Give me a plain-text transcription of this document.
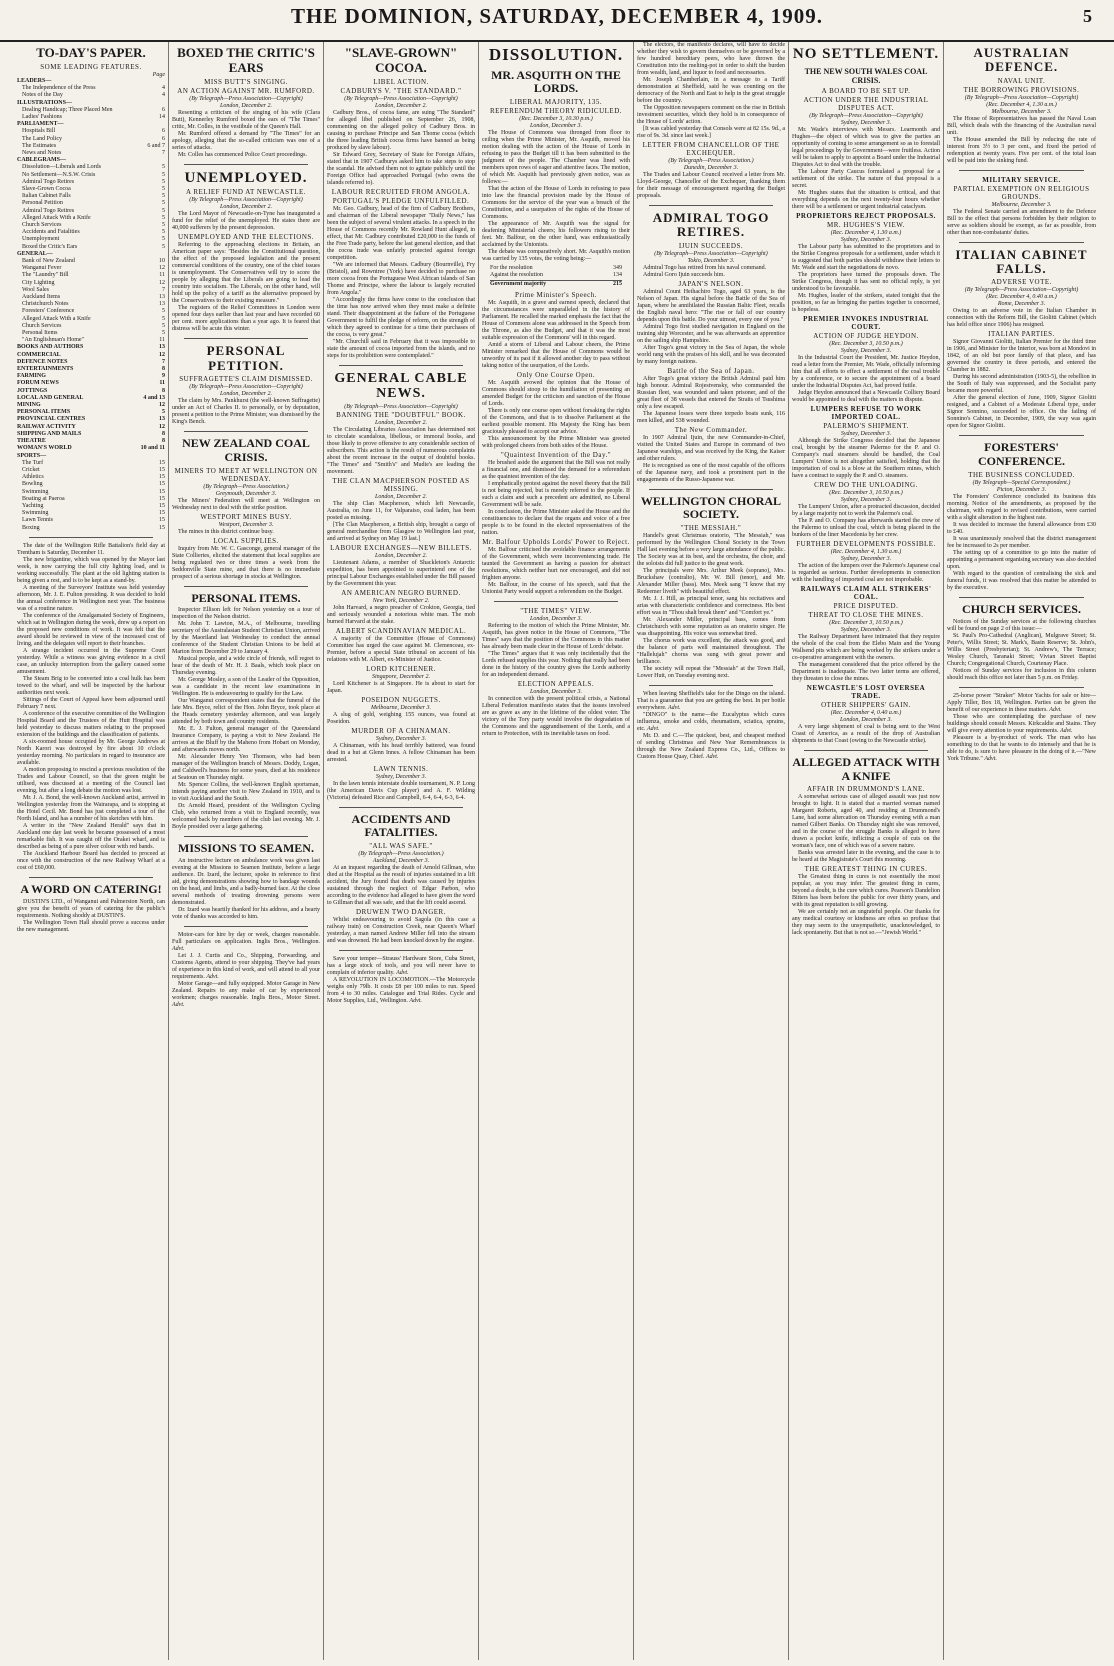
THE DOMINION, SATURDAY, DECEMBER 4, 1909.	5
TO-DAY'S PAPER.
SOME LEADING FEATURES.
Page
LEADERS—
The Independence of the Press	4
Notes of the Day	4
ILLUSTRATIONS—
Dealing Handicap; Three Placed Men	6
Ladies' Fashions	14
PARLIAMENT—
Hospitals Bill	6
The Land Policy	6
The Estimates	6 and 7
News and Notes	7
CABLEGRAMS—
Dissolution—Liberals and Lords	5
No Settlement—N.S.W. Crisis	5
Admiral Togo Retires	5
Slave-Grown Cocoa	5
Italian Cabinet Falls	5
Personal Petition	5
Admiral Togo Retires	5
Alleged Attack With a Knife	5
Church Services	5
Accidents and Fatalities	5
Unemployment	5
Boxed the Critic's Ears	5
GENERAL—
Bank of New Zealand	10
Wanganui Fever	12
The "Laundry" Bill	11
City Lighting	12
Wool Sales	7
Auckland Items	13
Christchurch Notes	13
Foresters' Conference	5
Alleged Attack With a Knife	5
Church Services	5
Personal Items	5
"An Englishman's Home"	11
BOOKS AND AUTHORS	13
COMMERCIAL	12
DEFENCE NOTES	7
ENTERTAINMENTS	8
FARMING	9
FORUM NEWS	11
JOTTINGS	8
LOCAL AND GENERAL	4 and 13
MINING	12
PERSONAL ITEMS	5
PROVINCIAL CENTRES	13
RAILWAY ACTIVITY	12
SHIPPING AND MAILS	8
THEATRE	8
WOMAN'S WORLD	10 and 11
SPORTS—
The Turf	15
Cricket	15
Athletics	15
Bowling	15
Swimming	15
Boating at Paeroa	15
Yachting	15
Swimming	15
Lawn Tennis	15
Boxing	15

The date of the Wellington Rifle Battalion's field day at Trentham is Saturday, December 11.

The new brigantine, which was opened by the Mayor last week, is now carrying the full city lighting load, and is working successfully. The plant at the old lighting station is being given a rest, and is to be kept as a stand-by.

A meeting of the Surveyors' Institute was held yesterday afternoon, Mr. J. E. Fulton presiding. It was decided to hold the annual conference in Wellington next year. The business was of a routine nature.

The conference of the Amalgamated Society of Engineers, which sat in Wellington during the week, drew up a report on the proposed new conditions of work. It was felt that the award should be reviewed in view of the increased cost of living, and the delegates will report to their branches.

A strange incident occurred in the Supreme Court yesterday. While a witness was giving evidence in a civil case, an unlucky interruption from the gallery caused some amusement.

The Steam Brig to be converted into a coal hulk has been towed to the wharf, and will be inspected by the harbour authorities next week.

Sittings of the Court of Appeal have been adjourned until February 7 next.

A conference of the executive committee of the Wellington Hospital Board and the Trustees of the Hutt Hospital was held yesterday to discuss matters relating to the proposed extension of the buildings and the classification of patients.

A six-roomed house occupied by Mr. George Andrews at North Karori was destroyed by fire about 10 o'clock yesterday morning. No particulars in regard to insurance are available.

A motion proposing to rescind a previous resolution of the Trades and Labour Council, so that the green might be utilised, was discussed at a meeting of the Council last evening, but after a long debate the motion was lost.

Mr. J. A. Bond, the well-known Auckland artist, arrived in Wellington yesterday from the Wairarapa, and is stopping at the Hotel Cecil. Mr. Bond has just completed a tour of the North Island, and has a number of his sketches with him.

A writer in the "New Zealand Herald" says that in Auckland one day last week he became possessed of a most remarkable fish. It was caught off the Orakei wharf, and is described as being of a pure silver colour with red bands.

The Auckland Harbour Board has decided to proceed at once with the construction of the new Railway Wharf at a cost of £60,000.

A WORD ON CATERING!

DUSTIN'S LTD., of Wanganui and Palmerston North, can give you the benefit of years of catering for the public's requirements. Nothing shoddy at DUSTIN'S.

The Wellington Town Hall should prove a success under the new management.

BOXED THE CRITIC'S EARS
MISS BUTT'S SINGING.
AN ACTION AGAINST MR. RUMFORD.
(By Telegraph—Press Association—Copyright)
London, December 2.

Resenting a criticism of the singing of his wife (Clara Butt), Kennerley Rumford boxed the ears of "The Times" critic, Mr. Colles, in the vestibule of the Queen's Hall.

Mr. Rumford offered a demand by "The Times" for an apology, alleging that the so-called criticism was one of a series of attacks.

Mr. Colles has commenced Police Court proceedings.

UNEMPLOYED.
A RELIEF FUND AT NEWCASTLE.
(By Telegraph—Press Association—Copyright)
London, December 2.

The Lord Mayor of Newcastle-on-Tyne has inaugurated a fund for the relief of the unemployed. He states there are 40,000 sufferers by the present depression.

UNEMPLOYED AND THE ELECTIONS.

Referring to the approaching elections in Britain, an American paper says: "Besides the Constitutional question, the effect of the proposed legislation and the present commercial conditions of the country, one of the chief issues is unemployment. The Conservatives will try to score the people by alleging that the Liberals are going to lead the country into socialism. The Liberals, on the other hand, will hold up the policy of a tariff as the alternative proposed by the Conservatives to their existing measure."

The registers of the Relief Committees in London were opened four days earlier than last year and have recorded 60 per cent. more applications than a year ago. It is feared that distress will be acute this winter.

PERSONAL PETITION.
SUFFRAGETTE'S CLAIM DISMISSED.
(By Telegraph—Press Association—Copyright)
London, December 2.

The claim by Mrs. Pankhurst (the well-known Suffragette) under an Act of Charles II. to personally, or by deputation, present a petition to the Prime Minister, was dismissed by the King's Bench.

NEW ZEALAND COAL CRISIS.
MINERS TO MEET AT WELLINGTON ON WEDNESDAY.
(By Telegraph—Press Association.)
Greymouth, December 3.

The Miners' Federation will meet at Wellington on Wednesday next to deal with the strike position.

WESTPORT MINES BUSY.
Westport, December 3.

The mines in this district continue busy.

LOCAL SUPPLIES.

Inquiry from Mr. W. C. Gasconge, general manager of the State Collieries, elicited the statement that local supplies are being regulated two or three times a week from the Seddonville State mine, and that there is no immediate prospect of a serious shortage in stocks at Wellington.

PERSONAL ITEMS.

Inspector Ellison left for Nelson yesterday on a tour of inspection of the Nelson district.

Mr. John T. Lawton, M.A., of Melbourne, travelling secretary of the Australasian Student Christian Union, arrived by the Maoriland last Wednesday to conduct the annual conference of the Student Christian Unions to be held at Marton from December 29 to January 4.

Musical people, and a wide circle of friends, will regret to hear of the death of Mr. H. J. Baals, which took place on Thursday evening.

Mr. George Mosley, a son of the Leader of the Opposition, was a candidate in the recent law examinations in Wellington. He is endeavouring to qualify for the Law.

Our Wanganui correspondent states that the funeral of the late Mrs. Bryce, relict of the Hon. John Bryce, took place at the Heads cemetery yesterday afternoon, and was largely attended by both town and country residents.

Mr. E. J. Fulton, general manager of the Queensland Insurance Company, is paying a visit to New Zealand. He arrives at the Bluff by the Maheno from Hobart on Monday, and afterwards moves north.

Mr. Alexander Henry Yeo Thomson, who had been manager of the Wellington branch of Messrs. Doddy, Logan, and Caldwell's business for some years, died at his residence at Seatoun on Thursday night.

Mr. Spencer Collins, the well-known English sportsman, intends paying another visit to New Zealand in 1910, and is to visit Auckland and the South.

Dr. Arnold Heard, president of the Wellington Cycling Club, who returned from a visit to England recently, was welcomed back by members of the club last evening. Mr. J. Boyle presided over a large gathering.

MISSIONS TO SEAMEN.

An instructive lecture on ambulance work was given last evening at the Missions to Seamen Institute, before a large audience. Dr. Izard, the lecturer, spoke in reference to first aid, giving demonstrations showing how to bandage wounds on the head, and limbs, and a badly-burned face. At the close several methods of treating drowning persons were demonstrated.

Dr. Izard was heartily thanked for his address, and a hearty vote of thanks was accorded to him.

Motor-cars for hire by day or week, charges reasonable. Full particulars on application. Inglis Bros., Wellington. Advt.

Let J. J. Curtis and Co., Shipping, Forwarding, and Customs Agents, attend to your shipping. They've had years of experience in this kind of work, and will attend to all your requirements. Advt.

Motor Garage—and fully equipped. Motor Garage in New Zealand. Repairs to any make of car by experienced workmen; charges reasonable. Inglis Bros., Motor Street. Advt.

"SLAVE-GROWN" COCOA.
LIBEL ACTION.
CADBURYS V. "THE STANDARD."
(By Telegraph—Press Association—Copyright)
London, December 2.

Cadbury Bros., of cocoa fame, are suing "The Standard" for alleged libel published on September 26, 1908, commenting on the alleged policy of Cadbury Bros. in causing to purchase Principe and San Thome cocoa (which the three leading British cocoa firms have banned as being produced by slave labour).

Sir Edward Grey, Secretary of State for Foreign Affairs, stated that in 1907 Cadburys asked him to take steps to stop the scandal. He advised them not to agitate publicly until the Foreign Office had approached Portugal (who owns the islands referred to).

LABOUR RECRUITED FROM ANGOLA.
PORTUGAL'S PLEDGE UNFULFILLED.

Mr. Geo. Cadbury, head of the firm of Cadbury Brothers, and chairman of the Liberal newspaper "Daily News," has been the subject of several virulent attacks. In a speech in the House of Commons recently Mr. Rowland Hunt alleged, in effect, that Mr. Cadbury contributed £20,000 to the funds of the Free Trade party, before the last general election, and that the cocoa trade was unfairly protected against foreign competition.

"We are informed that Messrs. Cadbury (Bournville), Fry (Bristol), and Rowntree (York) have decided to purchase no more cocoa from the Portuguese West African islands of San Thome and Principe, where the labour is largely recruited from Angola."

"Accordingly the firms have come to the conclusion that the time has now arrived when they must make a definite stand. Their disappointment at the failure of the Portuguese Government to fulfil the pledge of reform, on the strength of which they agreed to continue for a time their purchases of the cocoa, is very great."

"Mr. Churchill said in February that it was impossible to state the amount of cocoa imported from the islands, and no steps for its prohibition were contemplated."

GENERAL CABLE NEWS.
(By Telegraph—Press Association—Copyright)
BANNING THE "DOUBTFUL" BOOK.
London, December 2.

The Circulating Libraries Association has determined not to circulate scandalous, libellous, or immoral books, and those likely to prove offensive to any considerable section of subscribers. This action is the result of numerous complaints about the recent increase in the output of doubtful books. "The Times" and "Smith's" and Mudie's are leading the movement.

THE CLAN MACPHERSON POSTED AS MISSING.
London, December 2.

The ship Clan Macpherson, which left Newcastle, Australia, on June 11, for Valparaiso, coal laden, has been posted as missing.

[The Clan Macpherson, a British ship, brought a cargo of general merchandise from Glasgow to Wellington last year, and arrived at Sydney on May 19 last.]

LABOUR EXCHANGES—NEW BILLETS.
London, December 2.

Lieutenant Adams, a member of Shackleton's Antarctic expedition, has been appointed to superintend one of the principal Labour Exchanges established under the Bill passed by the Government this year.

AN AMERICAN NEGRO BURNED.
New York, December 2.

John Harvard, a negro preacher of Crokton, Georgia, tied and seriously wounded a notorious white man. The mob burned Harvard at the stake.

ALBERT SCANDINAVIAN MEDICAL.

A majority of the Committee (House of Commons) Committee has urged the case against M. Clemenceau, ex-Premier, before a special State tribunal on account of his relations with M. Albert, ex-Minister of Justice.

LORD KITCHENER.
Singapore, December 2.

Lord Kitchener is at Singapore. He is about to start for Japan.

POSEIDON NUGGETS.
Melbourne, December 3.

A slug of gold, weighing 155 ounces, was found at Poseidon.

MURDER OF A CHINAMAN.
Sydney, December 3.

A Chinaman, with his head terribly battered, was found dead in a hut at Glenn Innes. A fellow Chinaman has been arrested.

LAWN TENNIS.
Sydney, December 3.

In the lawn tennis interstate double tournament, N. P. Long (the American Davis Cup player) and A. F. Wilding (Victoria) defeated Rice and Campbell, 6-4, 6-4, 6-3, 6-4.

ACCIDENTS AND FATALITIES.
"ALL WAS SAFE."
(By Telegraph—Press Association.)
Auckland, December 3.

At an inquest regarding the death of Arnold Gillman, who died at the Hospital as the result of injuries sustained in a lift accident, the Jury found that death was caused by injuries sustained through the neglect of Edgar Parbon, who according to the evidence had alleged to have given the word to Gillman that all was safe, and that the lift could ascend.

DRUWEN TWO DANGER.

Whilst endeavouring to avoid Sagola (in this case a railway train) on Construction Creek, near Queen's Wharf yesterday, a man named Andrew Miller fell into the stream and was drowned. He had been knocked down by the engine.

Save your temper—Strauss' Hardware Store, Cuba Street, has a large stock of tools, and you will never have to complain of inferior quality. Advt.

A REVOLUTION IN LOCOMOTION.—The Motorcycle weighs only 79lb. It costs £8 per 100 miles to run. Speed from 4 to 30 miles. Catalogue and Trial Rides. Cycle and Motor Supplies, Ltd., Wellington. Advt.

DISSOLUTION.
MR. ASQUITH ON THE LORDS.
LIBERAL MAJORITY, 135.
REFERENDUM THEORY RIDICULED.
(Rec. December 3, 10.30 p.m.)
London, December 3.

The House of Commons was thronged from floor to ceiling when the Prime Minister, Mr. Asquith, moved his motion dealing with the action of the House of Lords in refusing to pass the Budget till it has been submitted to the judgment of the people. The Chamber was lined with members upon rows of eager and attentive faces. The motion, of which Mr. Asquith had previously given notice, was as follows:—

That the action of the House of Lords in refusing to pass into law the financial provision made by the House of Commons for the service of the year was a breach of the Constitution, and a usurpation of the rights of the House of Commons.

The appearance of Mr. Asquith was the signal for deafening Ministerial cheers; his followers rising to their feet. Mr. Balfour, on the other hand, was enthusiastically acclaimed by the Unionists.

The debate was comparatively short. Mr. Asquith's motion was carried by 135 votes, the voting being:—

For the resolution	349
Against the resolution	134
Government majority	215
Prime Minister's Speech.

Mr. Asquith, in a grave and earnest speech, declared that the circumstances were unparalleled in the history of Parliament. He recalled the marked emphasis the fact that the House of Commons alone was addressed in the Speech from the Throne, as also the Budget, and that it was the most suitable expression of the Commons' will in this regard.

Amid a storm of Liberal and Labour cheers, the Prime Minister remarked that the House of Commons would be unworthy of its past if it allowed another day to pass without taking notice of the usurpation, of the Lords.

Only One Course Open.

Mr. Asquith avowed the opinion that the House of Commons should stoop to the humiliation of presenting an amended Budget for the criticism and sanction of the House of Lords.

There is only one course open without forsaking the rights of the Commons, and that is to dissolve Parliament at the earliest possible moment. His Majesty the King has been graciously pleased to accept our advice.

This announcement by the Prime Minister was greeted with prolonged cheers from both sides of the House.

"Quaintest Invention of the Day."

He brushed aside the argument that the Bill was not really a financial one, and dismissed the demand for a referendum as the quaintest invention of the day.

I emphatically protest against the novel theory that the Bill is not being rejected, but is merely referred to the people. If such a claim and such a precedent are admitted, no Liberal Government will be safe.

In conclusion, the Prime Minister asked the House and the constituencies to declare that the organs and voice of a free people is to be found in the elected representatives of the nation.

Mr. Balfour Upholds Lords' Power to Reject.

Mr. Balfour criticised the avoidable finance arrangements of the Government, which were inconveniencing trade. He taunted the Government as having a passion for abstract resolutions, which neither hurt nor encouraged, and did not frighten anyone.

Mr. Balfour, in the course of his speech, said that the Unionist Party would support a referendum on the Budget.

"THE TIMES" VIEW.
London, December 3.

Referring to the motion of which the Prime Minister, Mr. Asquith, has given notice in the House of Commons, "The Times" says that the position of the Commons in this matter has already been made clear in the House of Lords' debate.

"The Times" argues that it was only incidentally that the Lords refused supplies this year. Nothing that really had been done in the history of the country gives the Lords authority for an independent demand.

ELECTION APPEALS.
London, December 3.

In connection with the present political crisis, a National Liberal Federation manifesto states that the issues involved are as grave as any in the lifetime of the oldest voter. The victory of the Tory party would involve the degradation of the Commons and the aggrandisement of the Lords, and a return to Protection, with its inevitable taxes on food.

The electors, the manifesto declares, will have to decide whether they wish to govern themselves or be governed by a few hundred hereditary peers, who have thrown the Constitution into the melting-pot in order to shift the burden from wealth, land, and liquor to food and necessaries.

Mr. Joseph Chamberlain, in a message to a Tariff demonstration at Sheffield, said he was counting on the democracy of the North and East to help in the great struggle before the country.

The Opposition newspapers comment on the rise in British investment securities, which they hold is in consequence of the House of Lords' action.

[It was cabled yesterday that Consols were at 82 15s. 9d., a rise of 9s. 3d. since last week.]

LETTER FROM CHANCELLOR OF THE EXCHEQUER.
(By Telegraph—Press Association.)
Dunedin, December 3.

The Trades and Labour Council received a letter from Mr. Lloyd-George, Chancellor of the Exchequer, thanking them for their message of encouragement regarding the Budget proposals.

ADMIRAL TOGO RETIRES.
IJUIN SUCCEEDS.
(By Telegraph—Press Association—Copyright)
Tokio, December 3.

Admiral Togo has retired from his naval command.

Admiral Goro Ijuin succeeds him.

JAPAN'S NELSON.

Admiral Count Heihachiro Togo, aged 63 years, is the Nelson of Japan. His signal before the Battle of the Sea of Japan, where he annihilated the Russian Baltic Fleet, recalls the English naval hero: "The rise or fall of our country depends upon this battle. Do your utmost, every one of you."

Admiral Togo first studied navigation in England on the training ship Worcester, and he was afterwards an apprentice on the sailing ship Hampshire.

After Togo's great victory in the Sea of Japan, the whole world rang with the praises of his skill, and he was decorated by many foreign nations.

Battle of the Sea of Japan.

After Togo's great victory the British Admiral paid him high honour. Admiral Rojestvensky, who commanded the Russian fleet, was wounded and taken prisoner, and of the great fleet of 38 vessels that entered the Straits of Tsushima only a few escaped.

The Japanese losses were three torpedo boats sunk, 116 men killed, and 538 wounded.

The New Commander.

In 1907 Admiral Ijuin, the new Commander-in-Chief, visited the United States and Europe in command of two Japanese warships, and was received by the King, the Kaiser and other rulers.

He is recognised as one of the most capable of the officers of the Japanese navy, and took a prominent part in the engagements of the Russo-Japanese war.

WELLINGTON CHORAL SOCIETY.
"THE MESSIAH."

Handel's great Christmas oratorio, "The Messiah," was performed by the Wellington Choral Society in the Town Hall last evening before a very large attendance of the public. The Society was at its best, and the orchestra, the choir, and the soloists did full justice to the great work.

The principals were Mrs. Arthur Meek (soprano), Mrs. Bruckshaw (contralto), Mr. W. Bill (tenor), and Mr. Alexander Miller (bass). Mrs. Meek sang "I know that my Redeemer liveth" with beautiful effect.

Mr. J. J. Hill, as principal tenor, sang his recitatives and arias with characteristic confidence and correctness. His best effort was in "Thou shalt break them" and "Comfort ye."

Mr. Alexander Miller, principal bass, comes from Christchurch with some reputation as an oratorio singer. He was disappointing. His voice was somewhat tired.

The chorus work was excellent, the attack was good, and the balance of parts well maintained throughout. The "Hallelujah" chorus was sung with great power and brilliance.

The society will repeat the "Messiah" at the Town Hall, Lower Hutt, on Tuesday evening next.

When leaving Sheffield's take for the Dingo on the island. That is a guarantee that you are getting the best. In per bottle everywhere. Advt.

"DINGO" is the name—the Eucalyptus which cures influenza, smoke and colds, rheumatism, sciatica, sprains, etc. Advt.

Mr. D. and C.—The quickest, best, and cheapest method of sending Christmas and New Year Remembrances is through the New Zealand Express Co., Ltd., Offices to Custom House Quay, Chief. Advt.

NO SETTLEMENT.
THE NEW SOUTH WALES COAL CRISIS.
A BOARD TO BE SET UP.
ACTION UNDER THE INDUSTRIAL DISPUTES ACT.
(By Telegraph—Press Association—Copyright)
Sydney, December 3.

Mr. Wade's interviews with Messrs. Learmonth and Hughes—the object of which was to give the parties an opportunity of coming to some arrangement so as to forestall legal proceedings by the Government—were fruitless. Action will be taken to apply to appoint a Board under the Industrial Disputes Act to deal with the trouble.

The Labour Party Caucus formulated a proposal for a settlement of the strike. The nature of that proposal is a secret.

Mr. Hughes states that the situation is critical, and that everything depends on the next twenty-four hours whether there will be a settlement or urgent industrial cataclysm.

PROPRIETORS REJECT PROPOSALS.
MR. HUGHES'S VIEW.
(Rec. December 4, 1.30 a.m.)
Sydney, December 3.

The Labour party has submitted to the proprietors and to the Strike Congress proposals for a settlement, under which it is suggested that both parties should withdraw their letters to Mr. Wade and start the negotiations de novo.

The proprietors have turned the proposals down. The Strike Congress, though it has sent no official reply, is yet understood to be favourable.

Mr. Hughes, leader of the strikers, stated tonight that the position, so far as bringing the parties together is concerned, is hopeless.

PREMIER INVOKES INDUSTRIAL COURT.
ACTION OF JUDGE HEYDON.
(Rec. December 3, 10.50 p.m.)
Sydney, December 3.

In the Industrial Court the President, Mr. Justice Heydon, read a letter from the Premier, Mr. Wade, officially informing him that all efforts to effect a settlement of the coal trouble by a conference, or to secure the appointment of a board under the Industrial Disputes Act, had proved futile.

Judge Heydon announced that a Newcastle Colliery Board would be appointed to deal with the matters in dispute.

LUMPERS REFUSE TO WORK IMPORTED COAL.
PALERMO'S SHIPMENT.
Sydney, December 3.

Although the Strike Congress decided that the Japanese coal, brought by the steamer Palermo for the P. and O. Company's mail steamers should be handled, the Coal Lumpers' Union is not altogether satisfied, holding that the importation of coal is a blow at the Southern mines, which have a contract to supply the P. and O. steamers.

CREW DO THE UNLOADING.
(Rec. December 3, 10.50 p.m.)
Sydney, December 3.

The Lumpers' Union, after a protracted discussion, decided by a large majority not to work the Palermo's coal.

The P. and O. Company has afterwards started the crew of the Palermo to unload the coal, which is being placed in the bunkers of the liner Macedonia by her crew.

FURTHER DEVELOPMENTS POSSIBLE.
(Rec. December 4, 1.30 a.m.)
Sydney, December 3.

The action of the lumpers over the Palermo's Japanese coal is regarded as serious. Further developments in connection with the handling of imported coal are not improbable.

RAILWAYS CLAIM ALL STRIKERS' COAL.
PRICE DISPUTED.
THREAT TO CLOSE THE MINES.
(Rec. December 3, 10.50 p.m.)
Sydney, December 3.

The Railway Department have intimated that they require the whole of the coal from the Elebo Main and the Young Wallsend pits which are being worked by the strikers under a co-operative arrangement with the owners.

The management considered that the price offered by the Department is inadequate. The two latter terms are offered, they threaten to close the mines.

NEWCASTLE'S LOST OVERSEA TRADE.
OTHER SHIPPERS' GAIN.
(Rec. December 4, 0.40 a.m.)
London, December 3.

A very large shipment of coal is being sent to the West Coast of America, as a result of the drop of Australian shipments to that Coast (owing to the Newcastle strike).

ALLEGED ATTACK WITH A KNIFE
AFFAIR IN DRUMMOND'S LANE.

A somewhat serious case of alleged assault was just now brought to light. It is stated that a married woman named Margaret Roberts, aged 40, and residing at Drummond's Lane, had some altercation on Thursday evening with a man named Gilbert Banks. On Thursday night she was removed, and in the course of the struggle Banks is alleged to have drawn a pocket knife, inflicting a couple of cuts on the woman's face, one of which was of a severe nature.

Banks was arrested later in the evening, and the case is to be heard at the Magistrate's Court this morning.

THE GREATEST THING IN CURES.

The Greatest thing in cures is not essentially the most popular, as you may infer. The greatest thing in cures, beyond a doubt, is the cure which cures. Pearson's Dandelion Bitters has been before the public for over thirty years, and with its great reputation is still growing.

We are certainly not an ungrateful people. Our thanks for any medical courtesy or kindness are often so profuse that they may seem to the unsympathetic, unacknowledged, to lack spontaneity. But that is not so.—"Jewish World."

AUSTRALIAN DEFENCE.
NAVAL UNIT.
THE BORROWING PROVISIONS.
(By Telegraph—Press Association—Copyright)
(Rec. December 4, 1.30 a.m.)
Melbourne, December 3.

The House of Representatives has passed the Naval Loan Bill, which deals with the financing of the Australian naval unit.

The House amended the Bill by reducing the rate of interest from 3½ to 3 per cent., and fixed the period of redemption at twenty years. Five per cent. of the total loan will be paid into the sinking fund.

MILITARY SERVICE.
PARTIAL EXEMPTION ON RELIGIOUS GROUNDS.
Melbourne, December 3.

The Federal Senate carried an amendment to the Defence Bill to the effect that persons forbidden by their religion to serve as soldiers should be exempt, as far as possible, from other than non-combatants' duties.

ITALIAN CABINET FALLS.
ADVERSE VOTE.
(By Telegraph—Press Association—Copyright)
(Rec. December 4, 0.40 a.m.)
Rome, December 3.

Owing to an adverse vote in the Italian Chamber in connection with the Reform Bill, the Giolitti Cabinet (which has held office since 1906) has resigned.

ITALIAN PARTIES.

Signor Giovanni Giolitti, Italian Premier for the third time in 1906, and Minister for the Interior, was born at Mondovi in 1842, of an old but poor family of that place, and has governed the country in three periods, and entered the Chamber in 1882.

During his second administration (1903-5), the rebellion in the South of Italy was suppressed, and the Socialist party became more powerful.

After the general election of June, 1909, Signor Giolitti resigned, and a Cabinet of a Moderate Liberal type, under Signor Sonnino, succeeded to office. On the failing of Sonnino's Cabinet, in December, 1909, the way was again open for Signor Giolitti.

FORESTERS' CONFERENCE.
THE BUSINESS CONCLUDED.
(By Telegraph—Special Correspondent.)
Picton, December 3.

The Foresters' Conference concluded its business this morning. Notice of the amendments, as proposed by the chairman, with regard to revised contributions, were carried with a slight alteration in the highest rate.

It was decided to increase the funeral allowance from £30 to £40.

It was unanimously resolved that the district management fee be increased to 2s per member.

The setting up of a committee to go into the matter of appointing a permanent organising secretary was also decided upon.

With regard to the question of centralising the sick and funeral funds, it was resolved that this matter be attended to by the executive.

CHURCH SERVICES.

Notices of the Sunday services at the following churches will be found on page 2 of this issue:—

St. Paul's Pro-Cathedral (Anglican), Mulgrave Street; St. Peter's, Willis Street; St. Mark's, Basin Reserve; St. John's, Willis Street (Presbyterian); St. Andrew's, The Terrace; Wesley Church, Taranaki Street; Vivian Street Baptist Church; Congregational Church, Courtenay Place.

Notices of Sunday services for inclusion in this column should reach this office not later than 5 p.m. on Friday.

25-horse power "Straker" Motor Yachts for sale or hire—Apply Tiller, Box 18, Wellington. Parties can be given the benefit of our experience in these matters. Advt.

Those who are contemplating the purchase of new buildings should consult Messrs. Kirkcaldie and Stains. They will give every attention to your requirements. Advt.

Pleasure is a by-product of work. The man who has something to do that he wants to do intensely and that he is able to do, is sure to have pleasure in the doing of it.—"New York Tribune." Advt.
